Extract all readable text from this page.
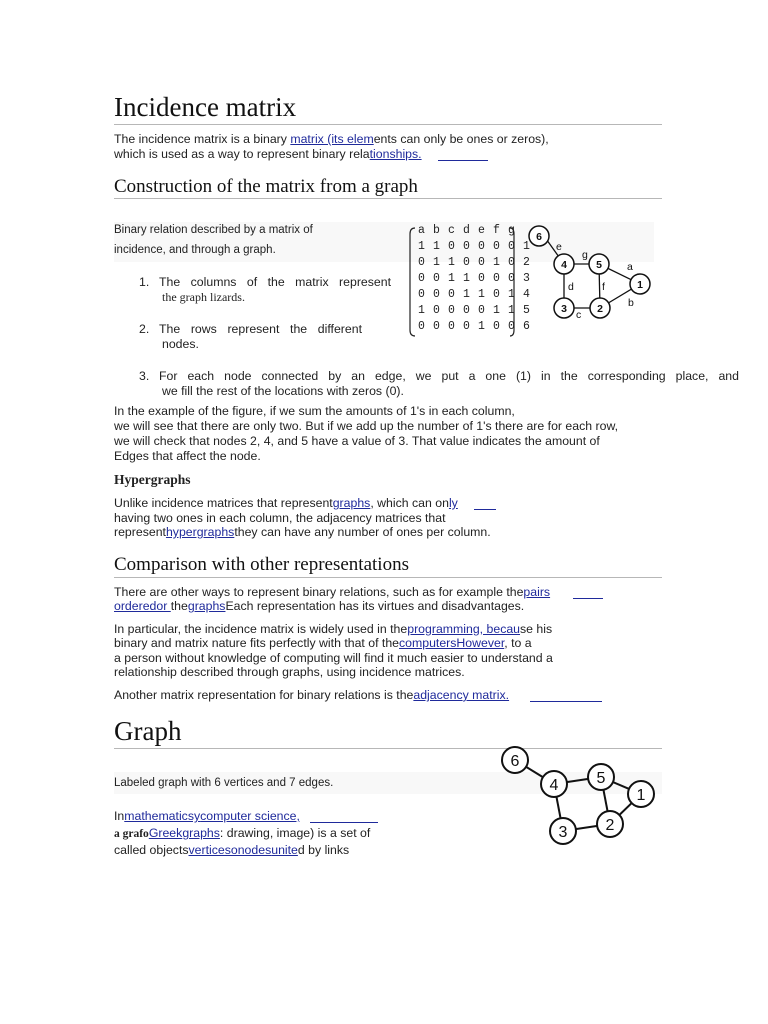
Incidence matrix

The incidence matrix is a binary matrix (its elements can only be ones or zeros),

which is used as a way to represent binary relationships.

Construction of the matrix from a graph
Binary relation described by a matrix of
incidence, and through a graph.
a b c d e f g
1 1 0 0 0 0 0 1
0 1 1 0 0 1 0 2
0 0 1 1 0 0 0 3
0 0 0 1 1 0 1 4
1 0 0 0 0 1 1 5
0 0 0 0 1 0 0 6
6
4	5
1
3	2
e
g
a
d	f
b
c
1. The columns of the matrix represent
the graph lizards.
2. The rows represent the different
nodes.
3. For each node connected by an edge, we put a one (1) in the corresponding place, and
we fill the rest of the locations with zeros (0).

In the example of the figure, if we sum the amounts of 1's in each column,

we will see that there are only two. But if we add up the number of 1's there are for each row,

we will check that nodes 2, 4, and 5 have a value of 3. That value indicates the amount of

Edges that affect the node.

Hypergraphs

Unlike incidence matrices that representgraphs, which can only

having two ones in each column, the adjacency matrices that

representhypergraphsthey can have any number of ones per column.

Comparison with other representations

There are other ways to represent binary relations, such as for example thepairs

orderedor thegraphsEach representation has its virtues and disadvantages.

In particular, the incidence matrix is widely used in theprogramming, because his

binary and matrix nature fits perfectly with that of thecomputersHowever, to a

a person without knowledge of computing will find it much easier to understand a

relationship described through graphs, using incidence matrices.

Another matrix representation for binary relations is theadjacency matrix.

Graph
Labeled graph with 6 vertices and 7 edges.
6
4 5
1
3 2

Inmathematicsycomputer science,

a grafoGreekgraphs: drawing, image) is a set of

called objectsverticesonodesunited by links
